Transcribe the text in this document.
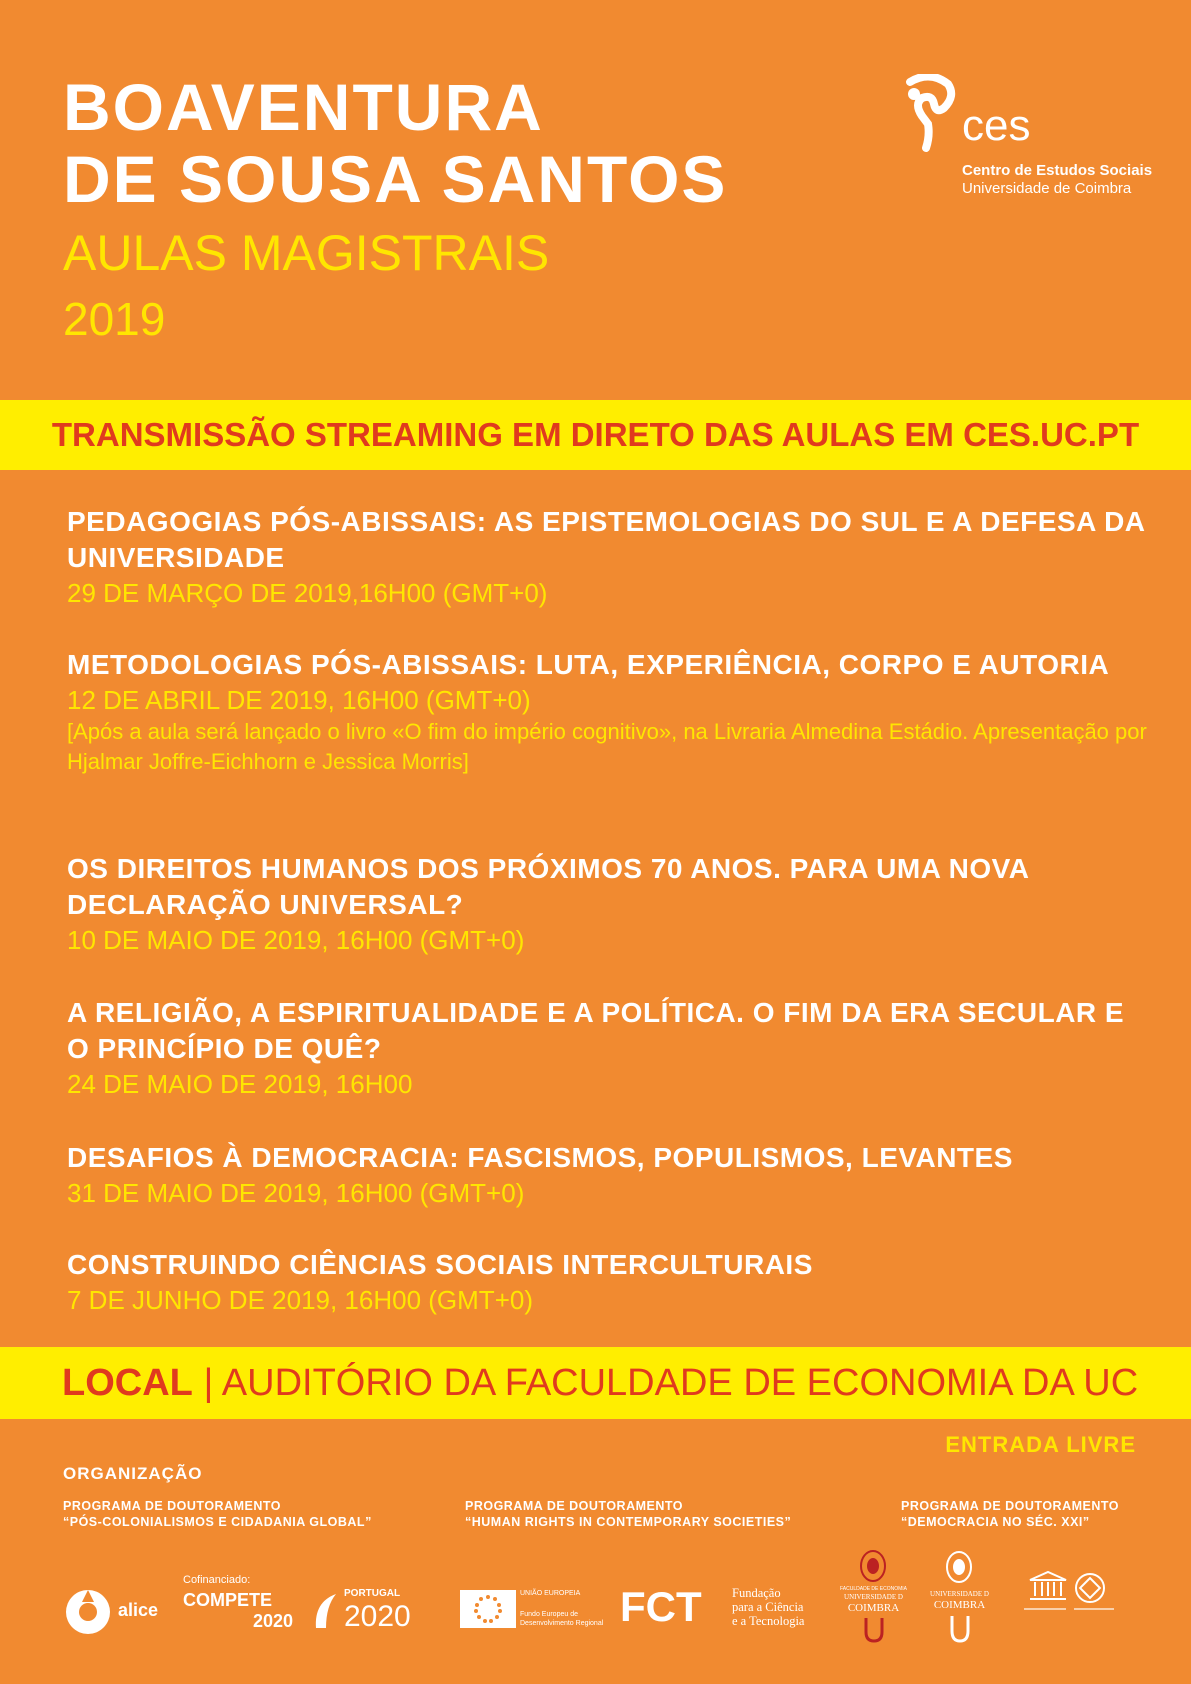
BOAVENTURA
DE SOUSA SANTOS
AULAS MAGISTRAIS
2019
ces
Centro de Estudos Sociais
Universidade de Coimbra
TRANSMISSÃO STREAMING EM DIRETO DAS AULAS EM CES.UC.PT
PEDAGOGIAS PÓS-ABISSAIS: AS EPISTEMOLOGIAS DO SUL E A DEFESA DA UNIVERSIDADE
29 DE MARÇO DE 2019,16H00 (GMT+0)
METODOLOGIAS PÓS-ABISSAIS: LUTA, EXPERIÊNCIA, CORPO E AUTORIA
12 DE ABRIL DE 2019, 16H00 (GMT+0)
[Após a aula será lançado o livro «O fim do império cognitivo», na Livraria Almedina Estádio. Apresentação por Hjalmar Joffre-Eichhorn e Jessica Morris]
OS DIREITOS HUMANOS DOS PRÓXIMOS 70 ANOS. PARA UMA NOVA DECLARAÇÃO UNIVERSAL?
10 DE MAIO DE 2019, 16H00 (GMT+0)
A RELIGIÃO, A ESPIRITUALIDADE E A POLÍTICA. O FIM DA ERA SECULAR E O PRINCÍPIO DE QUÊ?
24 DE MAIO DE 2019, 16H00
DESAFIOS À DEMOCRACIA: FASCISMOS, POPULISMOS, LEVANTES
31 DE MAIO DE 2019, 16H00 (GMT+0)
CONSTRUINDO CIÊNCIAS SOCIAIS INTERCULTURAIS
7 DE JUNHO DE 2019, 16H00 (GMT+0)
LOCAL | AUDITÓRIO DA FACULDADE DE ECONOMIA DA UC
ENTRADA LIVRE
ORGANIZAÇÃO
PROGRAMA DE DOUTORAMENTO
“PÓS-COLONIALISMOS E CIDADANIA GLOBAL”
PROGRAMA DE DOUTORAMENTO
“HUMAN RIGHTS IN CONTEMPORARY SOCIETIES”
PROGRAMA DE DOUTORAMENTO
“DEMOCRACIA NO SÉC. XXI”
alice
Cofinanciado:
COMPETE
2020
PORTUGAL
2020
UNIÃO EUROPEIA
Fundo Europeu de Desenvolvimento Regional FCT Fundação
para a Ciência
e a Tecnologia
FACULDADE DE ECONOMIA
UNIVERSIDADE D
COIMBRA
UNIVERSIDADE D
COIMBRA
